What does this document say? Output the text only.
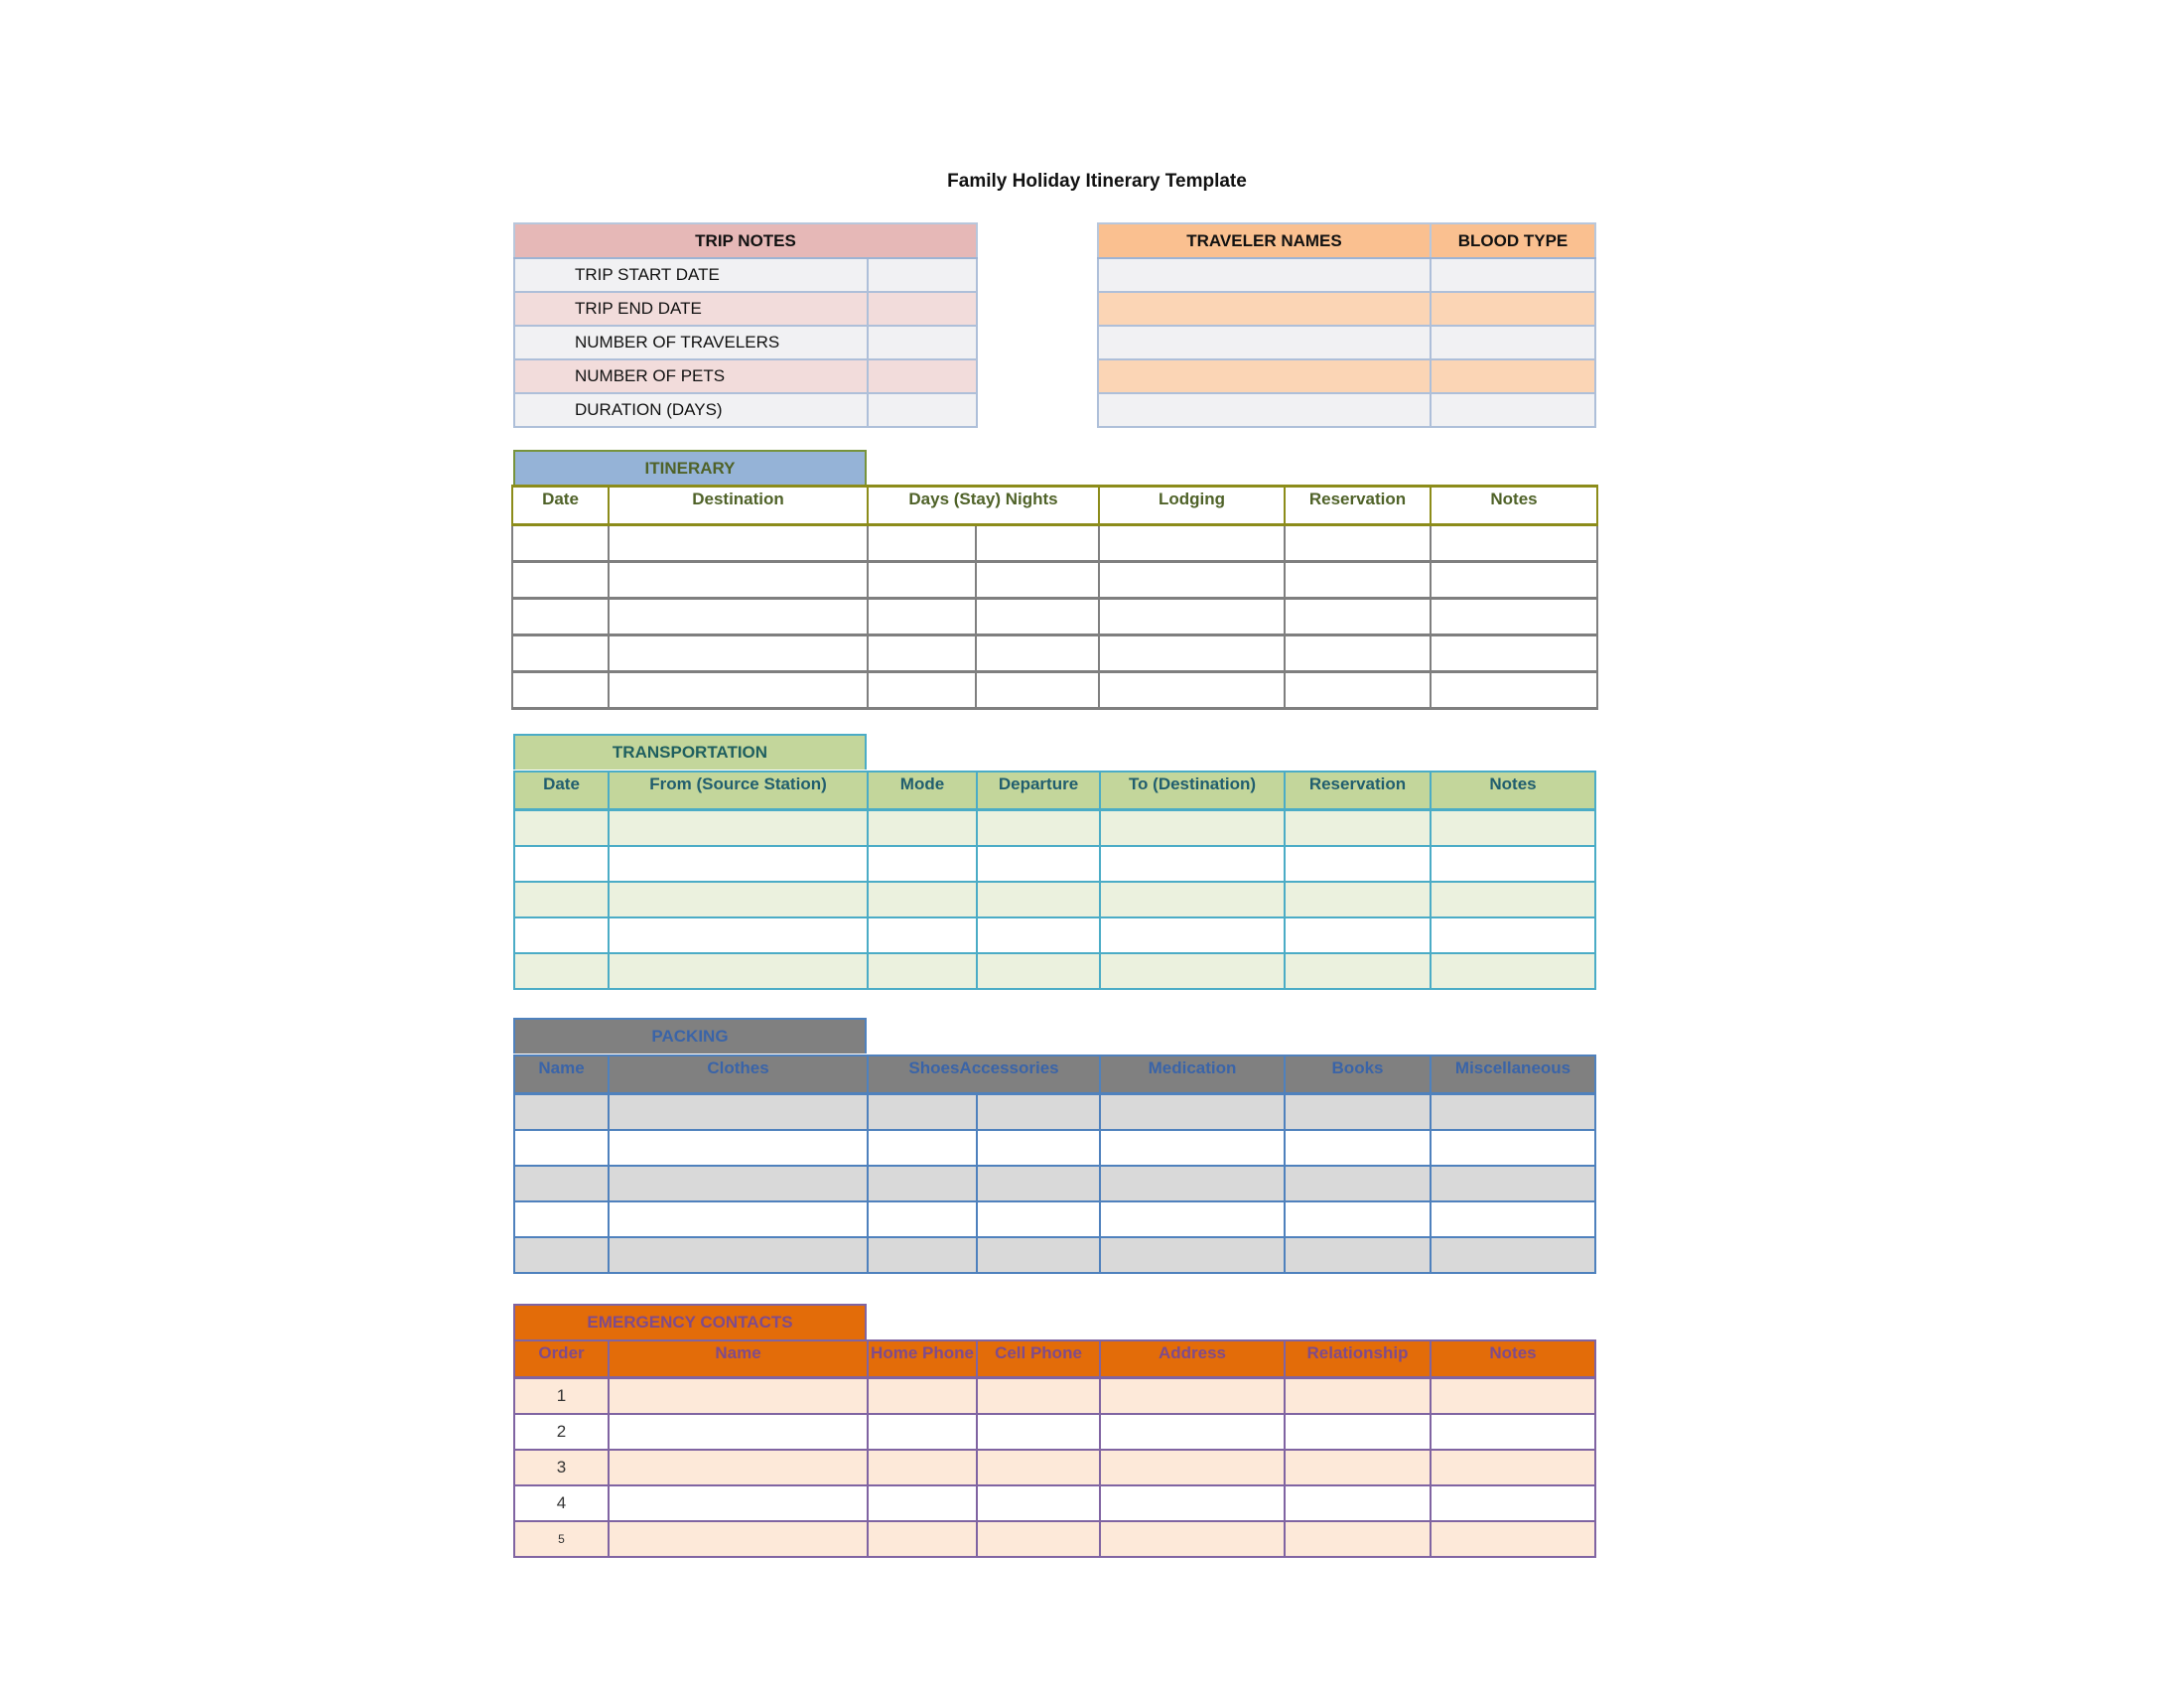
Family Holiday Itinerary Template
TRIP NOTES	
TRIP START DATE	
TRIP END DATE	
NUMBER OF TRAVELERS	
NUMBER OF PETS	
DURATION (DAYS)	
TRAVELER NAMES	BLOOD TYPE

ITINERARY
Date	Destination	Days (Stay) Nights		Lodging	Reservation	Notes

TRANSPORTATION
Date	From (Source Station)	Mode	Departure	To (Destination)	Reservation	Notes

PACKING
Name	Clothes	ShoesAccessories		Medication	Books	Miscellaneous

EMERGENCY CONTACTS
Order	Name	Home Phone	Cell Phone	Address	Relationship	Notes
1						
2						
3						
4						
5						
